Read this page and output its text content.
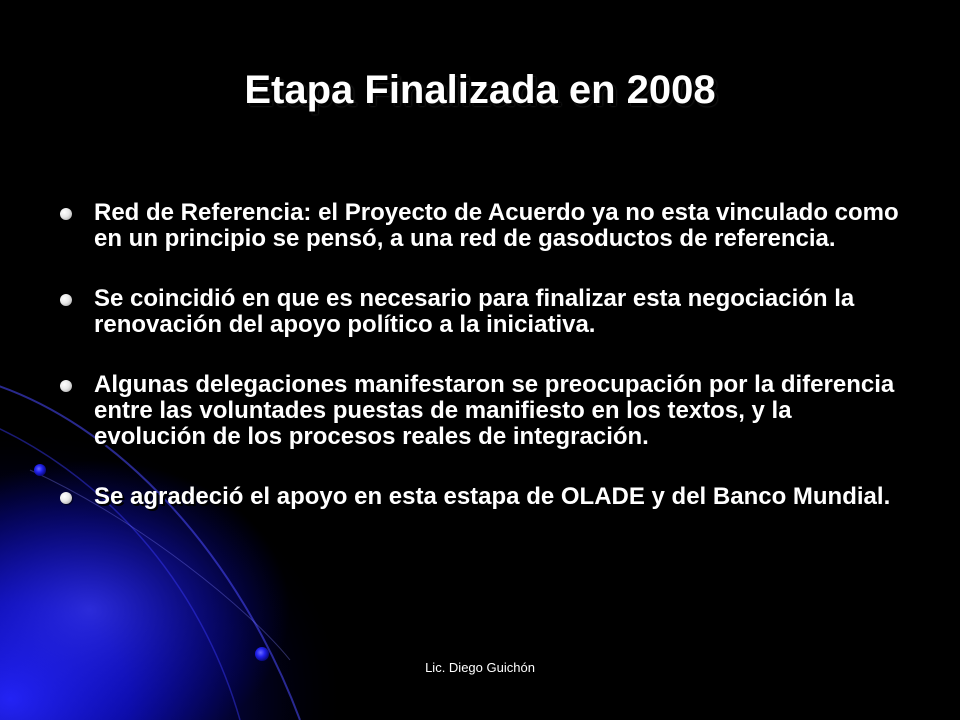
Etapa Finalizada en 2008
Red de Referencia: el Proyecto de Acuerdo ya no esta vinculado como en un principio se pensó, a una red de gasoductos de referencia.
Se coincidió en que es necesario para finalizar esta negociación la renovación del apoyo político a la iniciativa.
Algunas delegaciones manifestaron se preocupación por la diferencia entre las voluntades puestas de manifiesto en los textos, y la evolución de los procesos reales de integración.
Se agradeció el apoyo en esta estapa de OLADE y del Banco Mundial.
Lic. Diego Guichón
